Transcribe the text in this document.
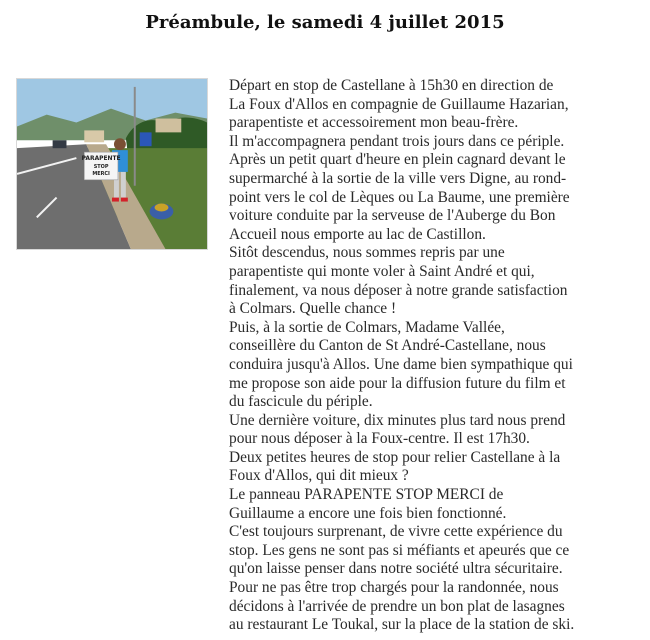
Préambule, le samedi 4 juillet 2015
PARAPENTE
STOP
MERCI
Départ en stop de Castellane à 15h30 en direction de
La Foux d'Allos en compagnie de Guillaume Hazarian,
parapentiste et accessoirement mon beau-frère.
Il m'accompagnera pendant trois jours dans ce périple.
Après un petit quart d'heure en plein cagnard devant le
supermarché à la sortie de la ville vers Digne, au rond-
point vers le col de Lèques ou La Baume, une première
voiture conduite par la serveuse de l'Auberge du Bon
Accueil nous emporte au lac de Castillon.
Sitôt descendus, nous sommes repris par une
parapentiste qui monte voler à Saint André et qui,
finalement, va nous déposer à notre grande satisfaction
à Colmars. Quelle chance !
Puis, à la sortie de Colmars, Madame Vallée,
conseillère du Canton de St André-Castellane, nous
conduira jusqu'à Allos. Une dame bien sympathique qui
me propose son aide pour la diffusion future du film et
du fascicule du périple.
Une dernière voiture, dix minutes plus tard nous prend
pour nous déposer à la Foux-centre. Il est 17h30.
Deux petites heures de stop pour relier Castellane à la
Foux d'Allos, qui dit mieux ?
Le panneau PARAPENTE STOP MERCI de
Guillaume a encore une fois bien fonctionné.
C'est toujours surprenant, de vivre cette expérience du
stop. Les gens ne sont pas si méfiants et apeurés que ce
qu'on laisse penser dans notre société ultra sécuritaire.
Pour ne pas être trop chargés pour la randonnée, nous
décidons à l'arrivée de prendre un bon plat de lasagnes
au restaurant Le Toukal, sur la place de la station de ski.
